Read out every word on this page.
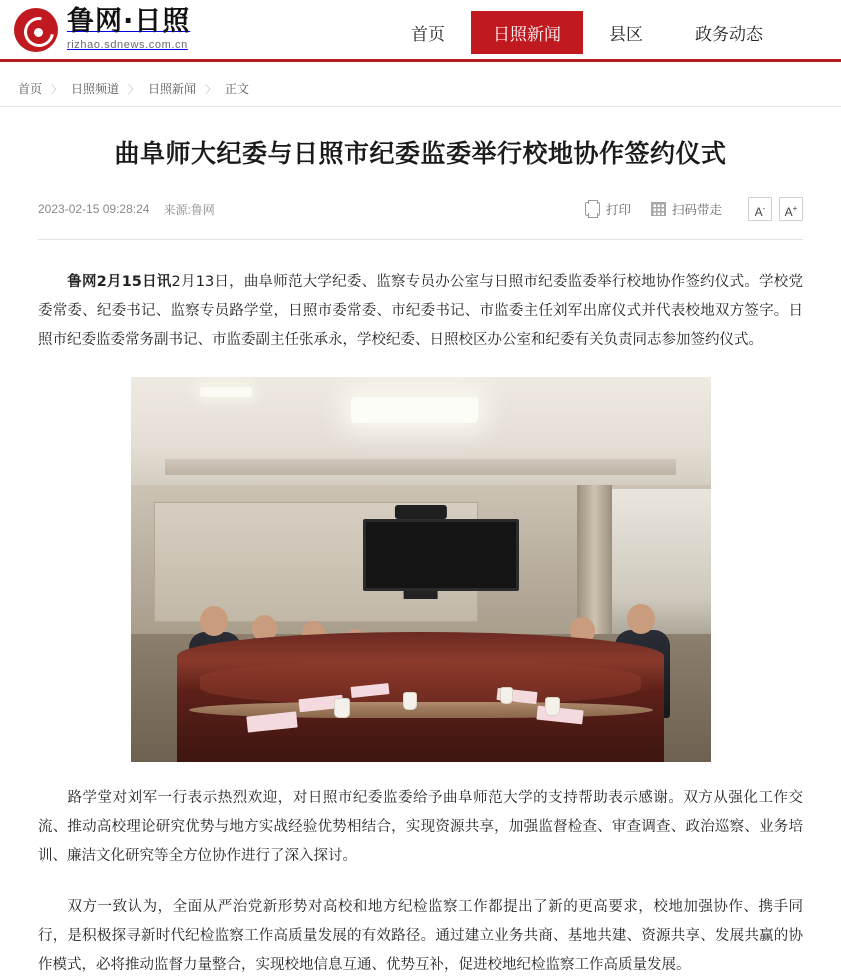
鲁网·日照
rizhao.sdnews.com.cn
首页	日照新闻	县区	政务动态
首页 〉 日照频道 〉 日照新闻 〉 正文
曲阜师大纪委与日照市纪委监委举行校地协作签约仪式
2023-02-15 09:28:24 来源:鲁网	打印	扫码带走	A-	A+

鲁网2月15日讯2月13日，曲阜师范大学纪委、监察专员办公室与日照市纪委监委举行校地协作签约仪式。学校党委常委、纪委书记、监察专员路学堂，日照市委常委、市纪委书记、市监委主任刘军出席仪式并代表校地双方签字。日照市纪委监委常务副书记、市监委副主任张承永，学校纪委、日照校区办公室和纪委有关负责同志参加签约仪式。

路学堂对刘军一行表示热烈欢迎，对日照市纪委监委给予曲阜师范大学的支持帮助表示感谢。双方从强化工作交流、推动高校理论研究优势与地方实战经验优势相结合，实现资源共享，加强监督检查、审查调查、政治巡察、业务培训、廉洁文化研究等全方位协作进行了深入探讨。

双方一致认为，全面从严治党新形势对高校和地方纪检监察工作都提出了新的更高要求，校地加强协作、携手同行，是积极探寻新时代纪检监察工作高质量发展的有效路径。通过建立业务共商、基地共建、资源共享、发展共赢的协作模式，必将推动监督力量整合，实现校地信息互通、优势互补，促进校地纪检监察工作高质量发展。
